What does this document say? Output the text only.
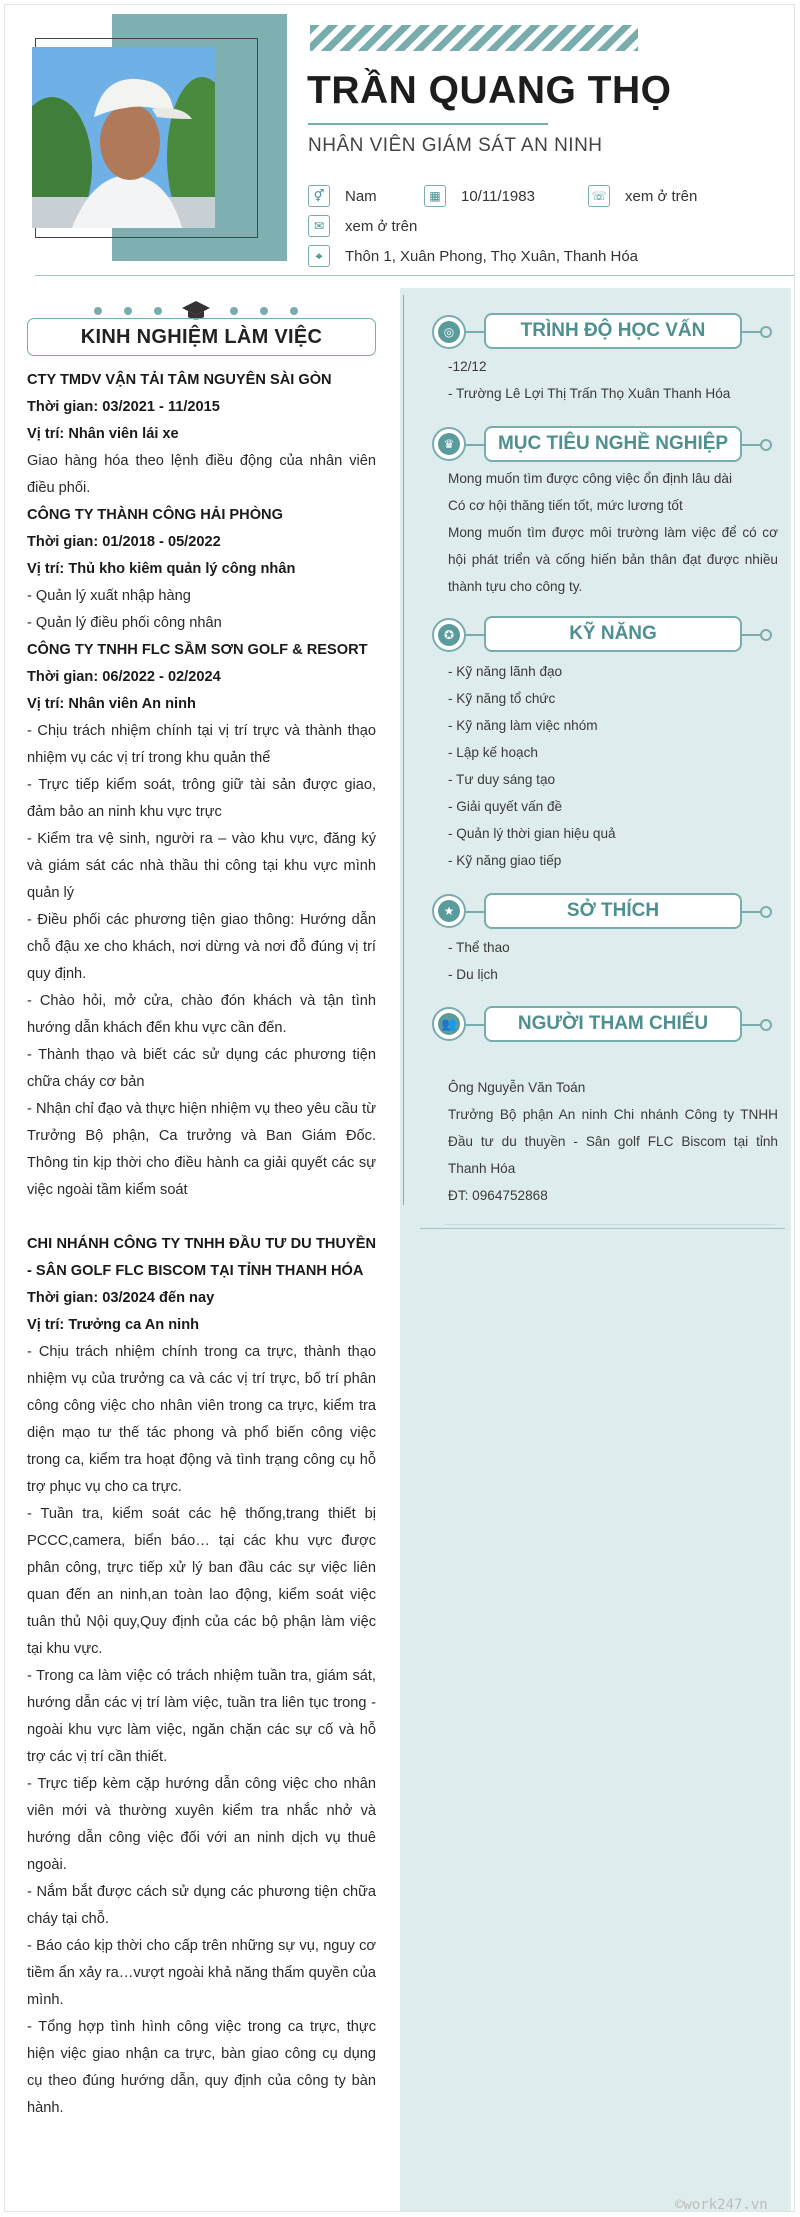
TRẦN QUANG THỌ
NHÂN VIÊN GIÁM SÁT AN NINH
⚥	Nam	▦	10/11/1983	☏ xem ở trên
✉	xem ở trên
⌖	Thôn 1, Xuân Phong, Thọ Xuân, Thanh Hóa
KINH NGHIỆM LÀM VIỆC

CTY TMDV VẬN TẢI TÂM NGUYÊN SÀI GÒN

Thời gian: 03/2021 - 11/2015

Vị trí: Nhân viên lái xe

Giao hàng hóa theo lệnh điều động của nhân viên điều phối.

CÔNG TY THÀNH CÔNG HẢI PHÒNG

Thời gian: 01/2018 - 05/2022

Vị trí: Thủ kho kiêm quản lý công nhân

- Quản lý xuất nhập hàng

- Quản lý điều phối công nhân

CÔNG TY TNHH FLC SẦM SƠN GOLF & RESORT

Thời gian: 06/2022 - 02/2024

Vị trí: Nhân viên An ninh

- Chịu trách nhiệm chính tại vị trí trực và thành thạo nhiệm vụ các vị trí trong khu quản thể

- Trực tiếp kiểm soát, trông giữ tài sản được giao, đảm bảo an ninh khu vực trực

- Kiểm tra vệ sinh, người ra – vào khu vực, đăng ký và giám sát các nhà thầu thi công tại khu vực mình quản lý

- Điều phối các phương tiện giao thông: Hướng dẫn chỗ đậu xe cho khách, nơi dừng và nơi đỗ đúng vị trí quy định.

- Chào hỏi, mở cửa, chào đón khách và tận tình hướng dẫn khách đến khu vực cần đến.

- Thành thạo và biết các sử dụng các phương tiện chữa cháy cơ bản

- Nhận chỉ đạo và thực hiện nhiệm vụ theo yêu cầu từ Trưởng Bộ phận, Ca trưởng và Ban Giám Đốc. Thông tin kịp thời cho điều hành ca giải quyết các sự việc ngoài tầm kiểm soát

CHI NHÁNH CÔNG TY TNHH ĐẦU TƯ DU THUYỀN - SÂN GOLF FLC BISCOM TẠI TỈNH THANH HÓA

Thời gian: 03/2024 đến nay

Vị trí: Trưởng ca An ninh

- Chịu trách nhiệm chính trong ca trực, thành thạo nhiệm vụ của trưởng ca và các vị trí trực, bố trí phân công công việc cho nhân viên trong ca trực, kiểm tra diện mạo tư thế tác phong và phổ biến công việc trong ca, kiểm tra hoạt động và tình trạng công cụ hỗ trợ phục vụ cho ca trực.

- Tuần tra, kiểm soát các hệ thống,trang thiết bị PCCC,camera, biển báo… tại các khu vực được phân công, trực tiếp xử lý ban đầu các sự việc liên quan đến an ninh,an toàn lao động, kiểm soát việc tuân thủ Nội quy,Quy định của các bộ phận làm việc tại khu vực.

- Trong ca làm việc có trách nhiệm tuần tra, giám sát, hướng dẫn các vị trí làm việc, tuần tra liên tục trong - ngoài khu vực làm việc, ngăn chặn các sự cố và hỗ trợ các vị trí cần thiết.

- Trực tiếp kèm cặp hướng dẫn công việc cho nhân viên mới và thường xuyên kiểm tra nhắc nhở và hướng dẫn công việc đối với an ninh dịch vụ thuê ngoài.

- Nắm bắt được cách sử dụng các phương tiện chữa cháy tại chỗ.

- Báo cáo kịp thời cho cấp trên những sự vụ, nguy cơ tiềm ẩn xảy ra…vượt ngoài khả năng thẩm quyền của mình.

- Tổng hợp tình hình công việc trong ca trực, thực hiện việc giao nhận ca trực, bàn giao công cụ dụng cụ theo đúng hướng dẫn, quy định của công ty bàn hành.

◎	TRÌNH ĐỘ HỌC VẤN

-12/12

- Trường Lê Lợi Thị Trấn Thọ Xuân Thanh Hóa

♛	MỤC TIÊU NGHỀ NGHIỆP

Mong muốn tìm được công việc ổn định lâu dài

Có cơ hội thăng tiến tốt, mức lương tốt

Mong muốn tìm được môi trường làm việc để có cơ hội phát triển và cống hiến bản thân đạt được nhiều thành tựu cho công ty.

✪	KỸ NĂNG

- Kỹ năng lãnh đạo

- Kỹ năng tổ chức

- Kỹ năng làm việc nhóm

- Lập kế hoạch

- Tư duy sáng tạo

- Giải quyết vấn đề

- Quản lý thời gian hiệu quả

- Kỹ năng giao tiếp

★	SỞ THÍCH

- Thể thao

- Du lịch

👥	NGƯỜI THAM CHIẾU

Ông Nguyễn Văn Toán

Trưởng Bộ phận An ninh Chi nhánh Công ty TNHH Đầu tư du thuyền - Sân golf FLC Biscom tại tỉnh Thanh Hóa

ĐT: 0964752868

©work247.vn
